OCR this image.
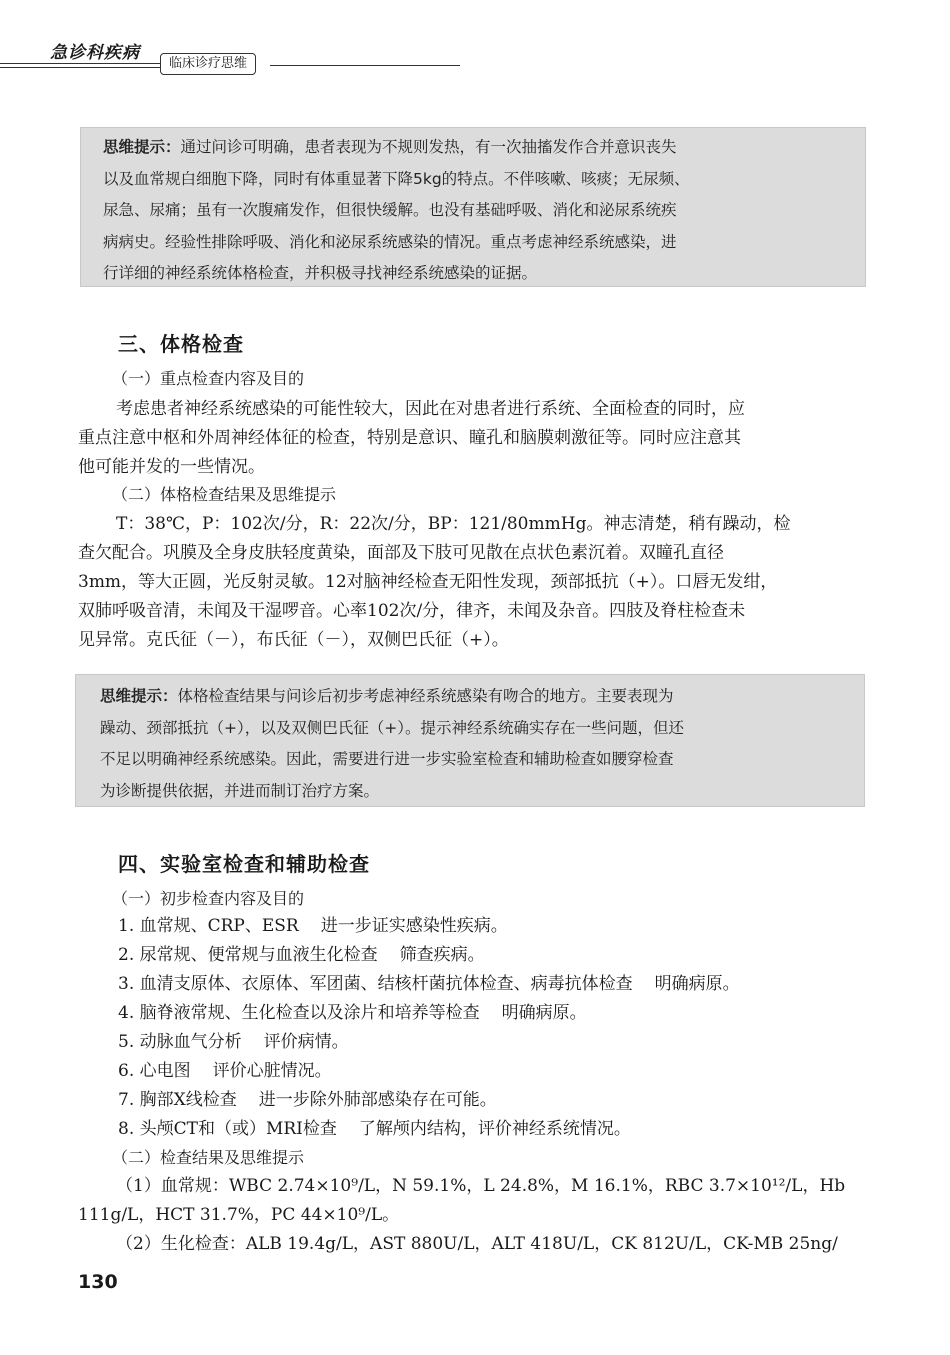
急诊科疾病
临床诊疗思维
思维提示：通过问诊可明确，患者表现为不规则发热，有一次抽搐发作合并意识丧失
以及血常规白细胞下降，同时有体重显著下降5kg的特点。不伴咳嗽、咳痰；无尿频、
尿急、尿痛；虽有一次腹痛发作，但很快缓解。也没有基础呼吸、消化和泌尿系统疾
病病史。经验性排除呼吸、消化和泌尿系统感染的情况。重点考虑神经系统感染，进
行详细的神经系统体格检查，并积极寻找神经系统感染的证据。
三、体格检查
（一）重点检查内容及目的
考虑患者神经系统感染的可能性较大，因此在对患者进行系统、全面检查的同时，应
重点注意中枢和外周神经体征的检查，特别是意识、瞳孔和脑膜刺激征等。同时应注意其
他可能并发的一些情况。
（二）体格检查结果及思维提示
T：38℃，P：102次/分，R：22次/分，BP：121/80mmHg。神志清楚，稍有躁动，检
查欠配合。巩膜及全身皮肤轻度黄染，面部及下肢可见散在点状色素沉着。双瞳孔直径
3mm，等大正圆，光反射灵敏。12对脑神经检查无阳性发现，颈部抵抗（+）。口唇无发绀，
双肺呼吸音清，未闻及干湿啰音。心率102次/分，律齐，未闻及杂音。四肢及脊柱检查未
见异常。克氏征（－），布氏征（－），双侧巴氏征（+）。
思维提示：体格检查结果与问诊后初步考虑神经系统感染有吻合的地方。主要表现为
躁动、颈部抵抗（+），以及双侧巴氏征（+）。提示神经系统确实存在一些问题，但还
不足以明确神经系统感染。因此，需要进行进一步实验室检查和辅助检查如腰穿检查
为诊断提供依据，并进而制订治疗方案。
四、实验室检查和辅助检查
（一）初步检查内容及目的
1. 血常规、CRP、ESR 进一步证实感染性疾病。
2. 尿常规、便常规与血液生化检查 筛查疾病。
3. 血清支原体、衣原体、军团菌、结核杆菌抗体检查、病毒抗体检查 明确病原。
4. 脑脊液常规、生化检查以及涂片和培养等检查 明确病原。
5. 动脉血气分析 评价病情。
6. 心电图 评价心脏情况。
7. 胸部X线检查 进一步除外肺部感染存在可能。
8. 头颅CT和（或）MRI检查 了解颅内结构，评价神经系统情况。
（二）检查结果及思维提示
（1）血常规：WBC 2.74×10⁹/L，N 59.1%，L 24.8%，M 16.1%，RBC 3.7×10¹²/L，Hb
111g/L，HCT 31.7%，PC 44×10⁹/L。
（2）生化检查：ALB 19.4g/L，AST 880U/L，ALT 418U/L，CK 812U/L，CK-MB 25ng/
130
